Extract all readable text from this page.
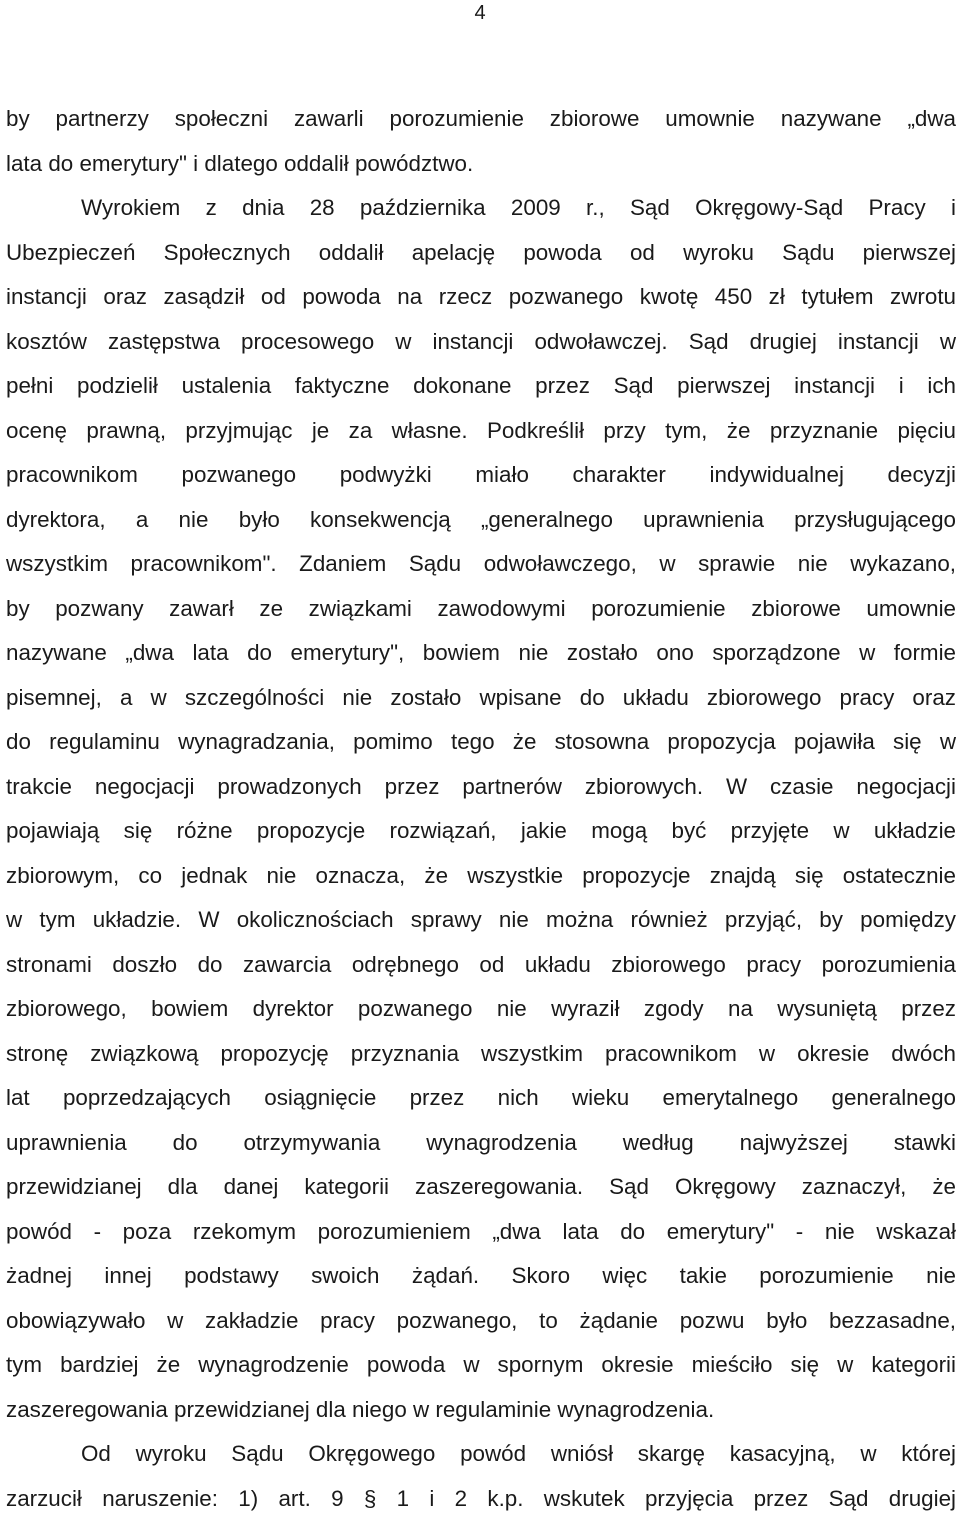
4
by partnerzy społeczni zawarli porozumienie zbiorowe umownie nazywane „dwa
lata do emerytury" i dlatego oddalił powództwo.
Wyrokiem z dnia 28 października 2009 r., Sąd Okręgowy-Sąd Pracy i
Ubezpieczeń Społecznych oddalił apelację powoda od wyroku Sądu pierwszej
instancji oraz zasądził od powoda na rzecz pozwanego kwotę 450 zł tytułem zwrotu
kosztów zastępstwa procesowego w instancji odwoławczej. Sąd drugiej instancji w
pełni podzielił ustalenia faktyczne dokonane przez Sąd pierwszej instancji i ich
ocenę prawną, przyjmując je za własne. Podkreślił przy tym, że przyznanie pięciu
pracownikom pozwanego podwyżki miało charakter indywidualnej decyzji
dyrektora, a nie było konsekwencją „generalnego uprawnienia przysługującego
wszystkim pracownikom". Zdaniem Sądu odwoławczego, w sprawie nie wykazano,
by pozwany zawarł ze związkami zawodowymi porozumienie zbiorowe umownie
nazywane „dwa lata do emerytury", bowiem nie zostało ono sporządzone w formie
pisemnej, a w szczególności nie zostało wpisane do układu zbiorowego pracy oraz
do regulaminu wynagradzania, pomimo tego że stosowna propozycja pojawiła się w
trakcie negocjacji prowadzonych przez partnerów zbiorowych. W czasie negocjacji
pojawiają się różne propozycje rozwiązań, jakie mogą być przyjęte w układzie
zbiorowym, co jednak nie oznacza, że wszystkie propozycje znajdą się ostatecznie
w tym układzie. W okolicznościach sprawy nie można również przyjąć, by pomiędzy
stronami doszło do zawarcia odrębnego od układu zbiorowego pracy porozumienia
zbiorowego, bowiem dyrektor pozwanego nie wyraził zgody na wysuniętą przez
stronę związkową propozycję przyznania wszystkim pracownikom w okresie dwóch
lat poprzedzających osiągnięcie przez nich wieku emerytalnego generalnego
uprawnienia do otrzymywania wynagrodzenia według najwyższej stawki
przewidzianej dla danej kategorii zaszeregowania. Sąd Okręgowy zaznaczył, że
powód - poza rzekomym porozumieniem „dwa lata do emerytury" - nie wskazał
żadnej innej podstawy swoich żądań. Skoro więc takie porozumienie nie
obowiązywało w zakładzie pracy pozwanego, to żądanie pozwu było bezzasadne,
tym bardziej że wynagrodzenie powoda w spornym okresie mieściło się w kategorii
zaszeregowania przewidzianej dla niego w regulaminie wynagrodzenia.
Od wyroku Sądu Okręgowego powód wniósł skargę kasacyjną, w której
zarzucił naruszenie: 1) art. 9 § 1 i 2 k.p. wskutek przyjęcia przez Sąd drugiej
